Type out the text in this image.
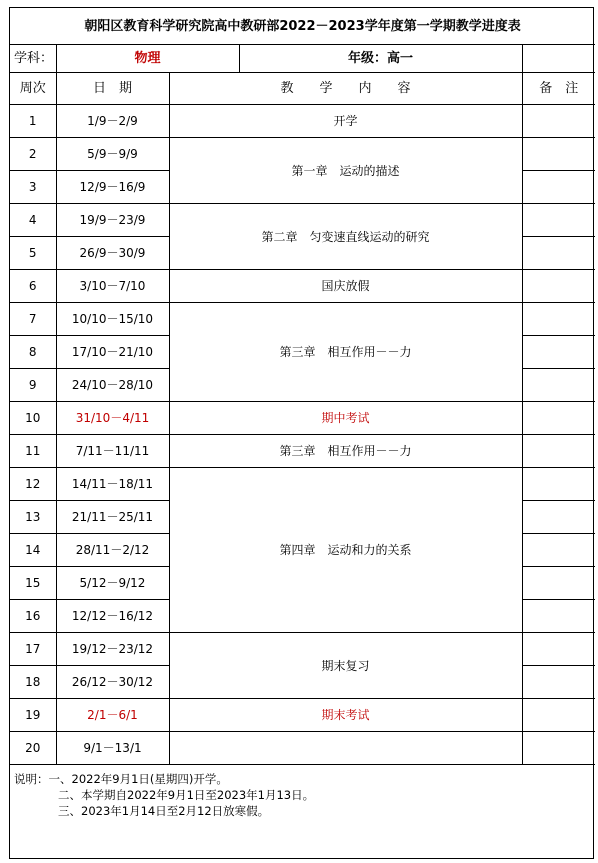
朝阳区教育科学研究院高中教研部2022－2023学年度第一学期教学进度表				
学科：	物理		年级：高一	
周次	日　期	教　　学　　内　　容		备　注
1	1/9－2/9	开学		
2	5/9－9/9	第一章　运动的描述		
3	12/9－16/9			
4	19/9－23/9	第二章　匀变速直线运动的研究		
5	26/9－30/9			
6	3/10－7/10	国庆放假		
7	10/10－15/10	第三章　相互作用－－力		
8	17/10－21/10			
9	24/10－28/10			
10	31/10－4/11	期中考试		
11	7/11－11/11	第三章　相互作用－－力		
12	14/11－18/11	第四章　运动和力的关系		
13	21/11－25/11			
14	28/11－2/12			
15	5/12－9/12			
16	12/12－16/12			
17	19/12－23/12	期末复习		
18	26/12－30/12			
19	2/1－6/1	期末考试		
20	9/1－13/1			
说明：一、2022年9月1日(星期四)开学。
二、本学期自2022年9月1日至2023年1月13日。
三、2023年1月14日至2月12日放寒假。
